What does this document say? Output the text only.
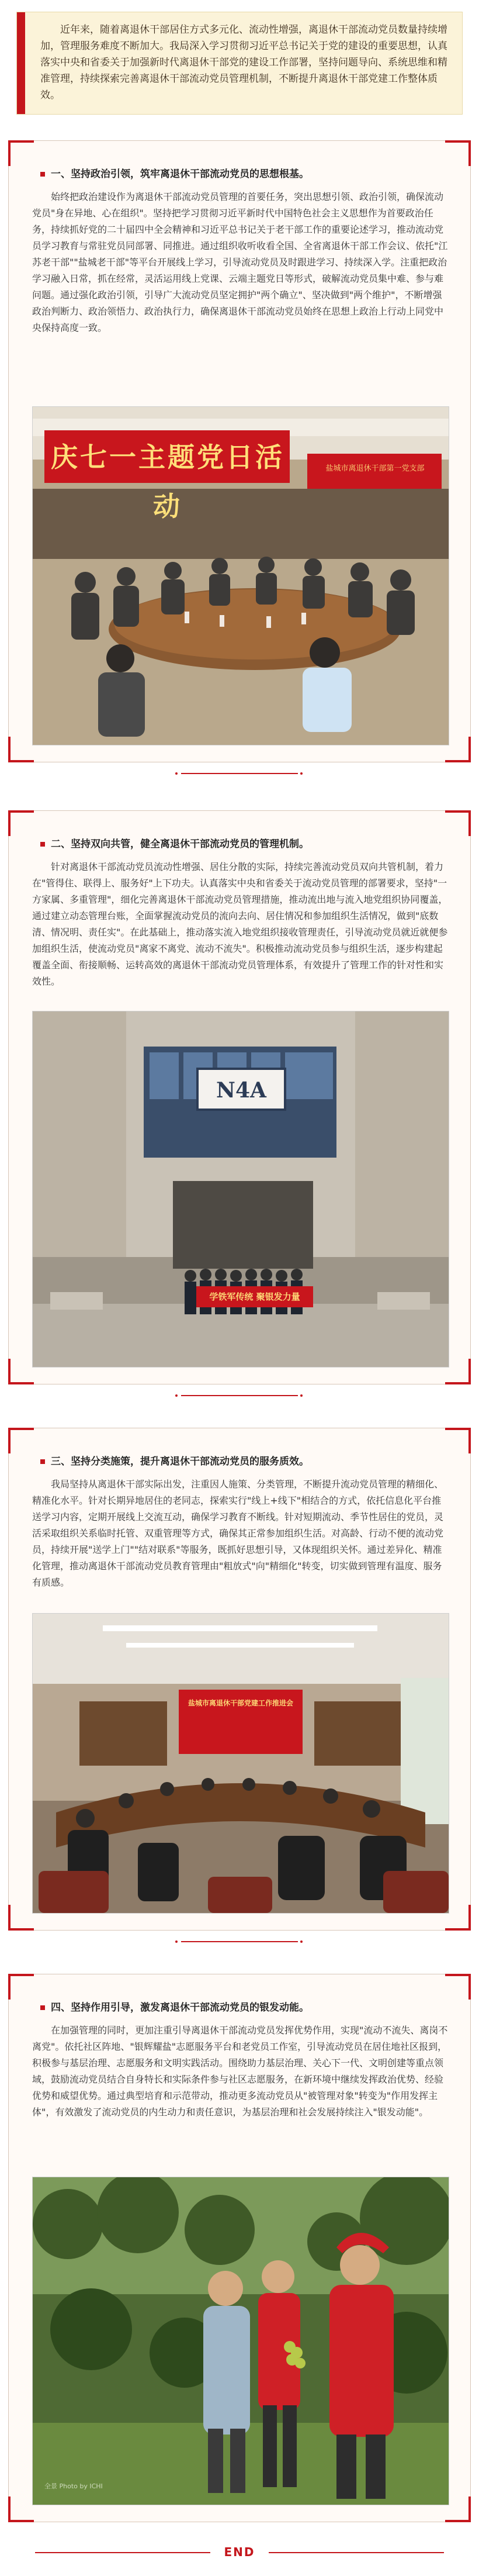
近年来，随着离退休干部居住方式多元化、流动性增强，离退休干部流动党员数量持续增加，管理服务难度不断加大。我局深入学习贯彻习近平总书记关于党的建设的重要思想，认真落实中央和省委关于加强新时代离退休干部党的建设工作部署，坚持问题导向、系统思维和精准管理，持续探索完善离退休干部流动党员管理机制，不断提升离退休干部党建工作整体质效。

一、坚持政治引领，筑牢离退休干部流动党员的思想根基。

始终把政治建设作为离退休干部流动党员管理的首要任务，突出思想引领、政治引领，确保流动党员"身在异地、心在组织"。坚持把学习贯彻习近平新时代中国特色社会主义思想作为首要政治任务，持续抓好党的二十届四中全会精神和习近平总书记关于老干部工作的重要论述学习，推动流动党员学习教育与常驻党员同部署、同推进。通过组织收听收看全国、全省离退休干部工作会议、依托"江苏老干部""盐城老干部"等平台开展线上学习，引导流动党员及时跟进学习、持续深入学。注重把政治学习融入日常，抓在经常，灵活运用线上党课、云端主题党日等形式，破解流动党员集中难、参与难问题。通过强化政治引领，引导广大流动党员坚定拥护"两个确立"、坚决做到"两个维护"，不断增强政治判断力、政治领悟力、政治执行力，确保离退休干部流动党员始终在思想上政治上行动上同党中央保持高度一致。

庆七一主题党日活动
盐城市离退休干部第一党支部

二、坚持双向共管，健全离退休干部流动党员的管理机制。

针对离退休干部流动党员流动性增强、居住分散的实际，持续完善流动党员双向共管机制，着力在"管得住、联得上、服务好"上下功夫。认真落实中央和省委关于流动党员管理的部署要求，坚持"一方家属、多重管理"，细化完善离退休干部流动党员管理措施，推动流出地与流入地党组织协同覆盖，通过建立动态管理台账，全面掌握流动党员的流向去向、居住情况和参加组织生活情况，做到"底数清、情况明、责任实"。在此基础上，推动落实流入地党组织接收管理责任，引导流动党员就近就便参加组织生活，使流动党员"离家不离党、流动不流失"。积极推动流动党员参与组织生活，逐步构建起覆盖全面、衔接顺畅、运转高效的离退休干部流动党员管理体系，有效提升了管理工作的针对性和实效性。

N4A
学铁军传统 聚银发力量

三、坚持分类施策，提升离退休干部流动党员的服务质效。

我局坚持从离退休干部实际出发，注重因人施策、分类管理，不断提升流动党员管理的精细化、精准化水平。针对长期异地居住的老同志，探索实行"线上+线下"相结合的方式，依托信息化平台推送学习内容，定期开展线上交流互动，确保学习教育不断线。针对短期流动、季节性居住的党员，灵活采取组织关系临时托管、双重管理等方式，确保其正常参加组织生活。对高龄、行动不便的流动党员，持续开展"送学上门""结对联系"等服务，既抓好思想引导，又体现组织关怀。通过差异化、精准化管理，推动离退休干部流动党员教育管理由"粗放式"向"精细化"转变，切实做到管理有温度、服务有质感。

盐城市离退休干部党建工作推进会

四、坚持作用引导，激发离退休干部流动党员的银发动能。

在加强管理的同时，更加注重引导离退休干部流动党员发挥优势作用，实现"流动不流失、离岗不离党"。依托社区阵地、"银辉耀盐"志愿服务平台和老党员工作室，引导流动党员在居住地社区报到，积极参与基层治理、志愿服务和文明实践活动。围绕助力基层治理、关心下一代、文明创建等重点领域，鼓励流动党员结合自身特长和实际条件参与社区志愿服务，在新环境中继续发挥政治优势、经验优势和威望优势。通过典型培育和示范带动，推动更多流动党员从"被管理对象"转变为"作用发挥主体"，有效激发了流动党员的内生动力和责任意识，为基层治理和社会发展持续注入"银发动能"。

全景 Photo by ICHI
END
